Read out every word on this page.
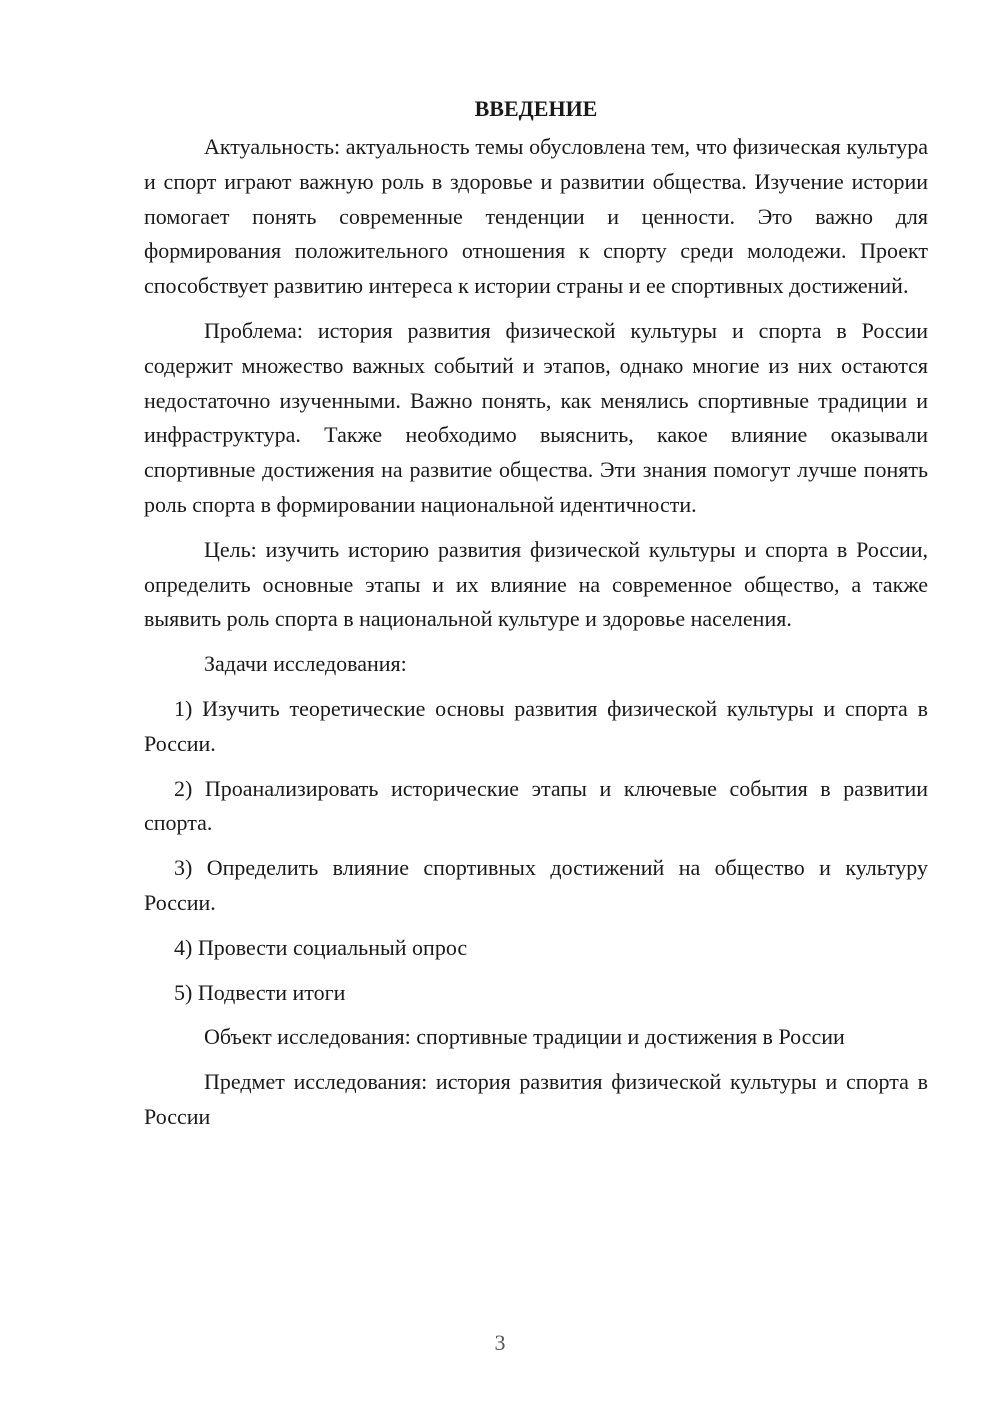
ВВЕДЕНИЕ

Актуальность: актуальность темы обусловлена тем, что физическая культура и спорт играют важную роль в здоровье и развитии общества. Изучение истории помогает понять современные тенденции и ценности. Это важно для формирования положительного отношения к спорту среди молодежи. Проект способствует развитию интереса к истории страны и ее спортивных достижений.

Проблема: история развития физической культуры и спорта в России содержит множество важных событий и этапов, однако многие из них остаются недостаточно изученными. Важно понять, как менялись спортивные традиции и инфраструктура. Также необходимо выяснить, какое влияние оказывали спортивные достижения на развитие общества. Эти знания помогут лучше понять роль спорта в формировании национальной идентичности.

Цель: изучить историю развития физической культуры и спорта в России, определить основные этапы и их влияние на современное общество, а также выявить роль спорта в национальной культуре и здоровье населения.

Задачи исследования:

1) Изучить теоретические основы развития физической культуры и спорта в России.

2) Проанализировать исторические этапы и ключевые события в развитии спорта.

3) Определить влияние спортивных достижений на общество и культуру России.

4) Провести социальный опрос

5) Подвести итоги

Объект исследования: спортивные традиции и достижения в России

Предмет исследования: история развития физической культуры и спорта в России

3
